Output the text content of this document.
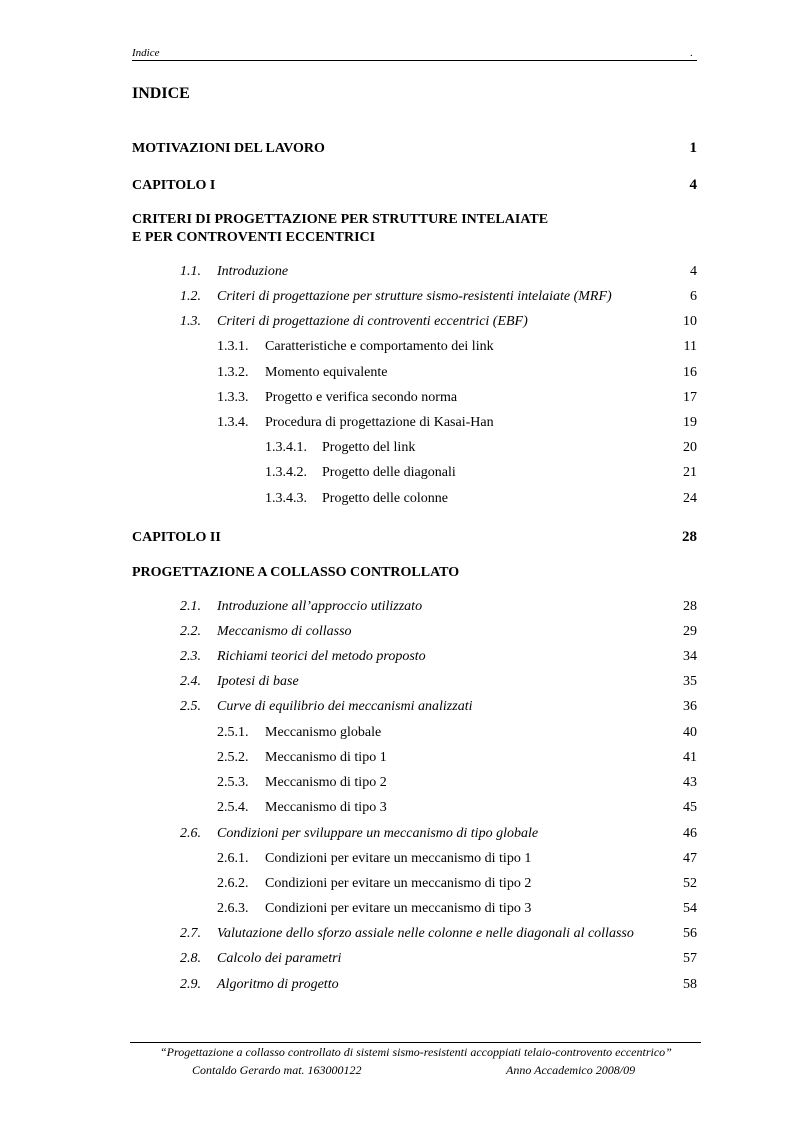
Indice	.
INDICE
MOTIVAZIONI DEL LAVORO	1
CAPITOLO I	4
CRITERI DI PROGETTAZIONE PER STRUTTURE INTELAIATE
E PER CONTROVENTI ECCENTRICI
1.1. Introduzione	4
1.2. Criteri di progettazione per strutture sismo-resistenti intelaiate (MRF)	6
1.3. Criteri di progettazione di controventi eccentrici (EBF)	10
1.3.1. Caratteristiche e comportamento dei link	11
1.3.2. Momento equivalente	16
1.3.3. Progetto e verifica secondo norma	17
1.3.4. Procedura di progettazione di Kasai-Han	19
1.3.4.1. Progetto del link	20
1.3.4.2. Progetto delle diagonali	21
1.3.4.3. Progetto delle colonne	24
CAPITOLO II	28
PROGETTAZIONE A COLLASSO CONTROLLATO
2.1. Introduzione all’approccio utilizzato	28
2.2. Meccanismo di collasso	29
2.3. Richiami teorici del metodo proposto	34
2.4. Ipotesi di base	35
2.5. Curve di equilibrio dei meccanismi analizzati	36
2.5.1. Meccanismo globale	40
2.5.2. Meccanismo di tipo 1	41
2.5.3. Meccanismo di tipo 2	43
2.5.4. Meccanismo di tipo 3	45
2.6. Condizioni per sviluppare un meccanismo di tipo globale	46
2.6.1. Condizioni per evitare un meccanismo di tipo 1	47
2.6.2. Condizioni per evitare un meccanismo di tipo 2	52
2.6.3. Condizioni per evitare un meccanismo di tipo 3	54
2.7. Valutazione dello sforzo assiale nelle colonne e nelle diagonali al collasso	56
2.8. Calcolo dei parametri	57
2.9. Algoritmo di progetto	58
“Progettazione a collasso controllato di sistemi sismo-resistenti accoppiati telaio-controvento eccentrico”
Contaldo Gerardo mat. 163000122	Anno Accademico 2008/09
